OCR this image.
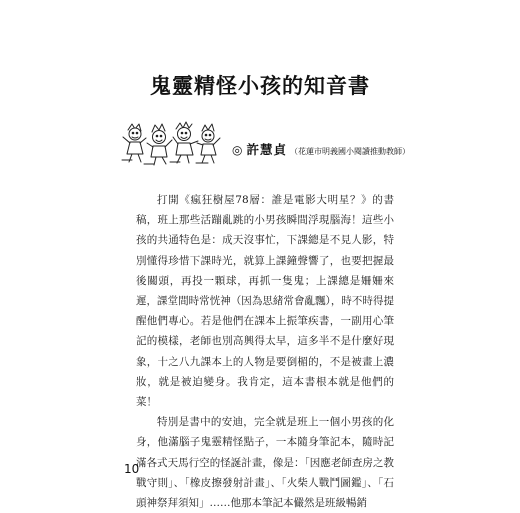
鬼靈精怪小孩的知音書
◎ 許慧貞 （花蓮市明義國小閱讀推動教師）

打開《瘋狂樹屋78層：誰是電影大明星？》的書稿，班上那些活蹦亂跳的小男孩瞬間浮現腦海！這些小孩的共通特色是：成天沒事忙，下課總是不見人影，特別懂得珍惜下課時光，就算上課鐘聲響了，也要把握最後關頭，再投一顆球，再抓一隻鬼；上課總是姍姍來遲，課堂間時常恍神（因為思緒常會亂飄），時不時得提醒他們專心。若是他們在課本上振筆疾書，一副用心筆記的模樣，老師也別高興得太早，這多半不是什麼好現象，十之八九課本上的人物是要倒楣的，不是被畫上濃妝，就是被迫變身。我肯定，這本書根本就是他們的菜！

特別是書中的安迪，完全就是班上一個小男孩的化身，他滿腦子鬼靈精怪點子，一本隨身筆記本，隨時記滿各式天馬行空的怪誕計畫，像是：「因應老師查房之教戰守則」、「橡皮擦發射計畫」、「火柴人戰鬥圖鑑」、「石頭神祭拜須知」……他那本筆記本儼然是班級暢銷

10
